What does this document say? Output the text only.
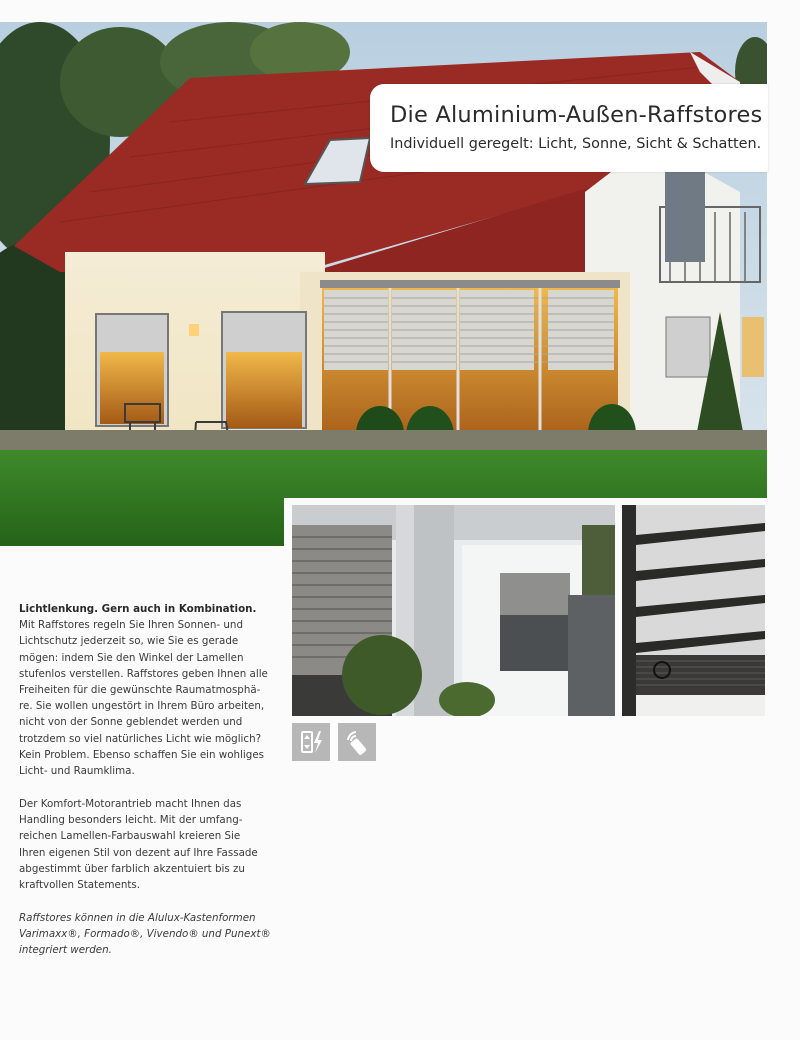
Die Aluminium-Außen-Raffstores
Individuell geregelt: Licht, Sonne, Sicht & Schatten.
Lichtlenkung. Gern auch in Kombination.
Mit Raffstores regeln Sie Ihren Sonnen- und
Lichtschutz jederzeit so, wie Sie es gerade
mögen: indem Sie den Winkel der Lamellen
stufenlos verstellen. Raffstores geben Ihnen alle
Freiheiten für die gewünschte Raumatmosphä-
re. Sie wollen ungestört in Ihrem Büro arbeiten,
nicht von der Sonne geblendet werden und
trotzdem so viel natürliches Licht wie möglich?
Kein Problem. Ebenso schaffen Sie ein wohliges
Licht- und Raumklima.
Der Komfort-Motorantrieb macht Ihnen das
Handling besonders leicht. Mit der umfang-
reichen Lamellen-Farbauswahl kreieren Sie
Ihren eigenen Stil von dezent auf Ihre Fassade
abgestimmt über farblich akzentuiert bis zu
kraftvollen Statements.
Raffstores können in die Alulux-Kastenformen
Varimaxx®, Formado®, Vivendo® und Punext®
integriert werden.
